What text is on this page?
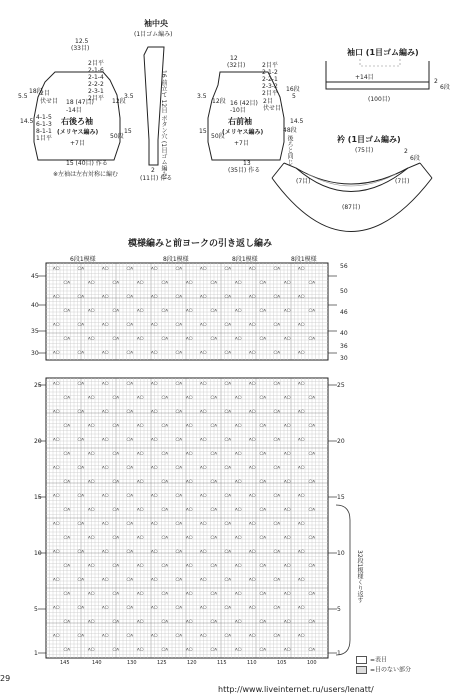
ᴧ○	○ᴧ	ᴧ○	○ᴧ	ᴧ○	○ᴧ	ᴧ○	○ᴧ	ᴧ○	○ᴧ	ᴧ○
○ᴧ	ᴧ○	○ᴧ	ᴧ○	○ᴧ	ᴧ○	○ᴧ	ᴧ○	○ᴧ	ᴧ○	○ᴧ
ᴧ○	○ᴧ	ᴧ○	○ᴧ	ᴧ○	○ᴧ	ᴧ○	○ᴧ	ᴧ○	○ᴧ	ᴧ○
○ᴧ	ᴧ○	○ᴧ	ᴧ○	○ᴧ	ᴧ○	○ᴧ	ᴧ○	○ᴧ	ᴧ○	○ᴧ
ᴧ○	○ᴧ	ᴧ○	○ᴧ	ᴧ○	○ᴧ	ᴧ○	○ᴧ	ᴧ○	○ᴧ	ᴧ○
○ᴧ	ᴧ○	○ᴧ	ᴧ○	○ᴧ	ᴧ○	○ᴧ	ᴧ○	○ᴧ	ᴧ○	○ᴧ
ᴧ○	○ᴧ	ᴧ○	○ᴧ	ᴧ○	○ᴧ	ᴧ○	○ᴧ	ᴧ○	○ᴧ	ᴧ○
ᴧ○	○ᴧ	ᴧ○	○ᴧ	ᴧ○	○ᴧ	ᴧ○	○ᴧ	ᴧ○	○ᴧ	ᴧ○
○ᴧ	ᴧ○	○ᴧ	ᴧ○	○ᴧ	ᴧ○	○ᴧ	ᴧ○	○ᴧ	ᴧ○	○ᴧ
ᴧ○	○ᴧ	ᴧ○	○ᴧ	ᴧ○	○ᴧ	ᴧ○	○ᴧ	ᴧ○	○ᴧ	ᴧ○
○ᴧ	ᴧ○	○ᴧ	ᴧ○	○ᴧ	ᴧ○	○ᴧ	ᴧ○	○ᴧ	ᴧ○	○ᴧ
ᴧ○	○ᴧ	ᴧ○	○ᴧ	ᴧ○	○ᴧ	ᴧ○	○ᴧ	ᴧ○	○ᴧ	ᴧ○
○ᴧ	ᴧ○	○ᴧ	ᴧ○	○ᴧ	ᴧ○	○ᴧ	ᴧ○	○ᴧ	ᴧ○	○ᴧ
ᴧ○	○ᴧ	ᴧ○	○ᴧ	ᴧ○	○ᴧ	ᴧ○	○ᴧ	ᴧ○	○ᴧ	ᴧ○
○ᴧ	ᴧ○	○ᴧ	ᴧ○	○ᴧ	ᴧ○	○ᴧ	ᴧ○	○ᴧ	ᴧ○	○ᴧ
ᴧ○	○ᴧ	ᴧ○	○ᴧ	ᴧ○	○ᴧ	ᴧ○	○ᴧ	ᴧ○	○ᴧ	ᴧ○
○ᴧ	ᴧ○	○ᴧ	ᴧ○	○ᴧ	ᴧ○	○ᴧ	ᴧ○	○ᴧ	ᴧ○	○ᴧ
ᴧ○	○ᴧ	ᴧ○	○ᴧ	ᴧ○	○ᴧ	ᴧ○	○ᴧ	ᴧ○	○ᴧ	ᴧ○
○ᴧ	ᴧ○	○ᴧ	ᴧ○	○ᴧ	ᴧ○	○ᴧ	ᴧ○	○ᴧ	ᴧ○	○ᴧ
ᴧ○	○ᴧ	ᴧ○	○ᴧ	ᴧ○	○ᴧ	ᴧ○	○ᴧ	ᴧ○	○ᴧ	ᴧ○
○ᴧ	ᴧ○	○ᴧ	ᴧ○	○ᴧ	ᴧ○	○ᴧ	ᴧ○	○ᴧ	ᴧ○	○ᴧ
ᴧ○	○ᴧ	ᴧ○	○ᴧ	ᴧ○	○ᴧ	ᴧ○	○ᴧ	ᴧ○	○ᴧ	ᴧ○
○ᴧ	ᴧ○	○ᴧ	ᴧ○	○ᴧ	ᴧ○	○ᴧ	ᴧ○	○ᴧ	ᴧ○	○ᴧ
ᴧ○	○ᴧ	ᴧ○	○ᴧ	ᴧ○	○ᴧ	ᴧ○	○ᴧ	ᴧ○	○ᴧ	ᴧ○
○ᴧ	ᴧ○	○ᴧ	ᴧ○	○ᴧ	ᴧ○	○ᴧ	ᴧ○	○ᴧ	ᴧ○	○ᴧ
ᴧ○	○ᴧ	ᴧ○	○ᴧ	ᴧ○	○ᴧ	ᴧ○	○ᴧ	ᴧ○	○ᴧ	ᴧ○
○ᴧ	ᴧ○	○ᴧ	ᴧ○	○ᴧ	ᴧ○	○ᴧ	ᴧ○	○ᴧ	ᴧ○	○ᴧ
袖中央
(1目ゴム編み)
16 前立て 12目 ボタン穴 (1目ゴム編み)
2
(11目) 作る
12.5
(33目)
2目平
2-1-6
2-1-4
2-2-2
2-3-1
2目平
18 (47目)
-14目
右後ろ袖
(メリヤス編み)
+7目
5.5
18段
2目
伏せ目
14.5
4-1-5
6-1-3
8-1-1
1目平
3.5
12段
15
50段
15 (40目) 作る
※左袖は左右対称に編む
12
(32目)	2目平
2-1-2
2-2-1
2-3-2
2目平
16 (42目)
-10目
右前袖
(メリヤス編み)
+7目
3.5
12段
15
50段
5
16段
2目
伏せ目
14.5
48段
後ろと同じ
13
(35目) 作る
袖口 (1目ゴム編み)
+14目
(100目)
2
6段
衿 (1目ゴム編み)
(75目)
(7目)	(7目)
(87目)
2
6段
模様編みと前ヨークの引き返し編み
6段1模様	8段1模様	8段1模様	8段1模様
45
40
35
30
56
50
46
40
36
30
25
20
15
10
5
1
25
20
15
10
5
1
145	140	130	125	120	115	110	105	100
32段1模様くり返す
=表目
=目のない部分
29
http://www.liveinternet.ru/users/lenatt/
